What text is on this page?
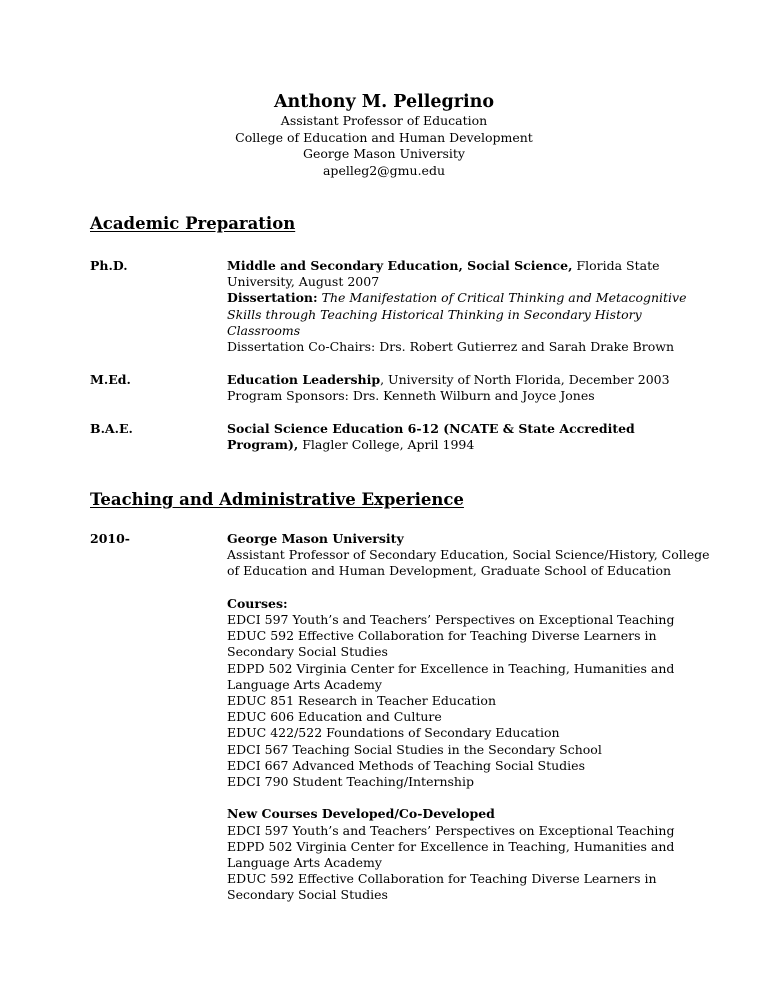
Anthony M. Pellegrino
Assistant Professor of Education
College of Education and Human Development
George Mason University
apelleg2@gmu.edu
Academic Preparation
Ph.D.	Middle and Secondary Education, Social Science, Florida State
University, August 2007
Dissertation: The Manifestation of Critical Thinking and Metacognitive
Skills through Teaching Historical Thinking in Secondary History
Classrooms
Dissertation Co-Chairs: Drs. Robert Gutierrez and Sarah Drake Brown
M.Ed.	Education Leadership, University of North Florida, December 2003
Program Sponsors: Drs. Kenneth Wilburn and Joyce Jones
B.A.E.	Social Science Education 6-12 (NCATE & State Accredited
Program), Flagler College, April 1994
Teaching and Administrative Experience
2010-	George Mason University
Assistant Professor of Secondary Education, Social Science/History, College
of Education and Human Development, Graduate School of Education

Courses:
EDCI 597 Youth’s and Teachers’ Perspectives on Exceptional Teaching
EDUC 592 Effective Collaboration for Teaching Diverse Learners in
Secondary Social Studies
EDPD 502 Virginia Center for Excellence in Teaching, Humanities and
Language Arts Academy
EDUC 851 Research in Teacher Education
EDUC 606 Education and Culture
EDUC 422/522 Foundations of Secondary Education
EDCI 567 Teaching Social Studies in the Secondary School
EDCI 667 Advanced Methods of Teaching Social Studies
EDCI 790 Student Teaching/Internship

New Courses Developed/Co-Developed
EDCI 597 Youth’s and Teachers’ Perspectives on Exceptional Teaching
EDPD 502 Virginia Center for Excellence in Teaching, Humanities and
Language Arts Academy
EDUC 592 Effective Collaboration for Teaching Diverse Learners in
Secondary Social Studies
